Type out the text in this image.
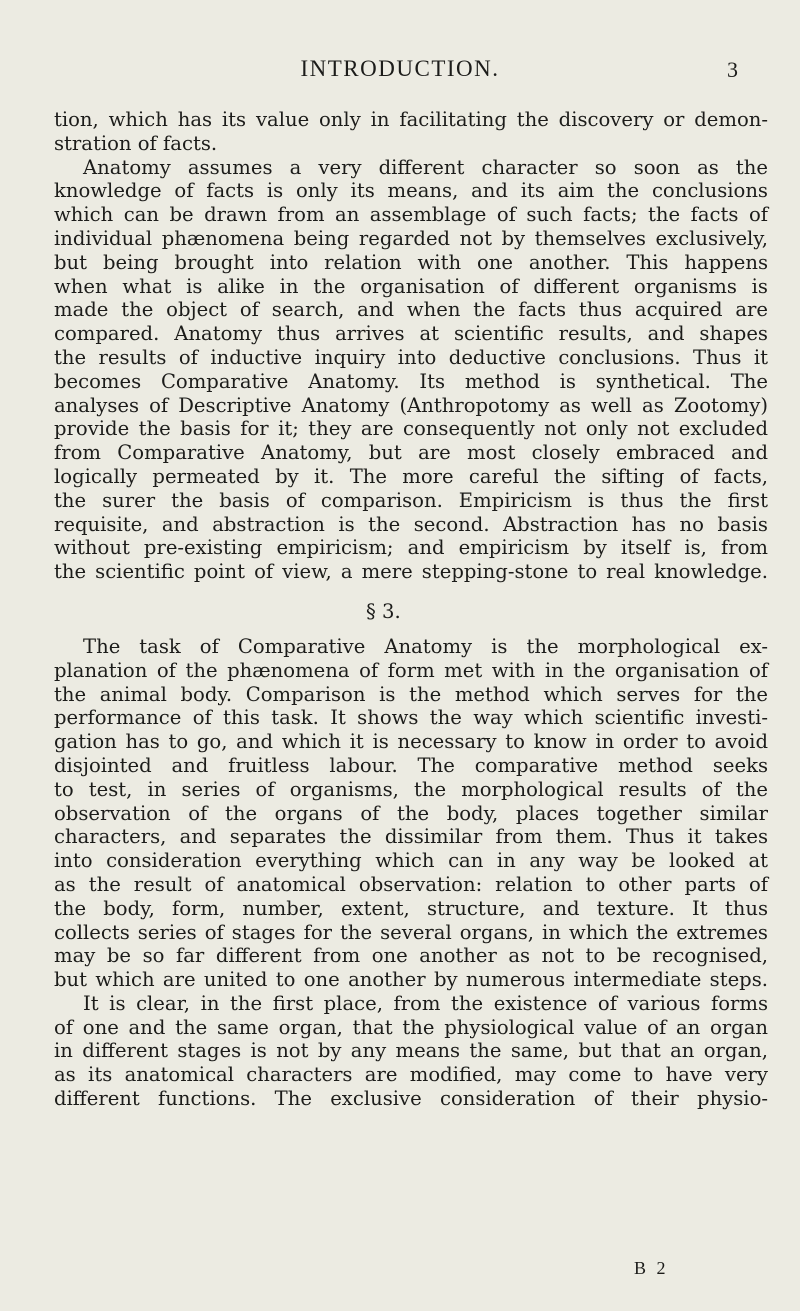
INTRODUCTION.	3
tion, which has its value only in facilitating the discovery or demon-
stration of facts.
Anatomy assumes a very different character so soon as the
knowledge of facts is only its means, and its aim the conclusions
which can be drawn from an assemblage of such facts; the facts of
individual phænomena being regarded not by themselves exclusively,
but being brought into relation with one another. This happens
when what is alike in the organisation of different organisms is
made the object of search, and when the facts thus acquired are
compared. Anatomy thus arrives at scientific results, and shapes
the results of inductive inquiry into deductive conclusions. Thus it
becomes Comparative Anatomy. Its method is synthetical. The
analyses of Descriptive Anatomy (Anthropotomy as well as Zootomy)
provide the basis for it; they are consequently not only not excluded
from Comparative Anatomy, but are most closely embraced and
logically permeated by it. The more careful the sifting of facts,
the surer the basis of comparison. Empiricism is thus the first
requisite, and abstraction is the second. Abstraction has no basis
without pre-existing empiricism; and empiricism by itself is, from
the scientific point of view, a mere stepping-stone to real knowledge.
§ 3.
The task of Comparative Anatomy is the morphological ex-
planation of the phænomena of form met with in the organisation of
the animal body. Comparison is the method which serves for the
performance of this task. It shows the way which scientific investi-
gation has to go, and which it is necessary to know in order to avoid
disjointed and fruitless labour. The comparative method seeks
to test, in series of organisms, the morphological results of the
observation of the organs of the body, places together similar
characters, and separates the dissimilar from them. Thus it takes
into consideration everything which can in any way be looked at
as the result of anatomical observation: relation to other parts of
the body, form, number, extent, structure, and texture. It thus
collects series of stages for the several organs, in which the extremes
may be so far different from one another as not to be recognised,
but which are united to one another by numerous intermediate steps.
It is clear, in the first place, from the existence of various forms
of one and the same organ, that the physiological value of an organ
in different stages is not by any means the same, but that an organ,
as its anatomical characters are modified, may come to have very
different functions. The exclusive consideration of their physio-
B 2
